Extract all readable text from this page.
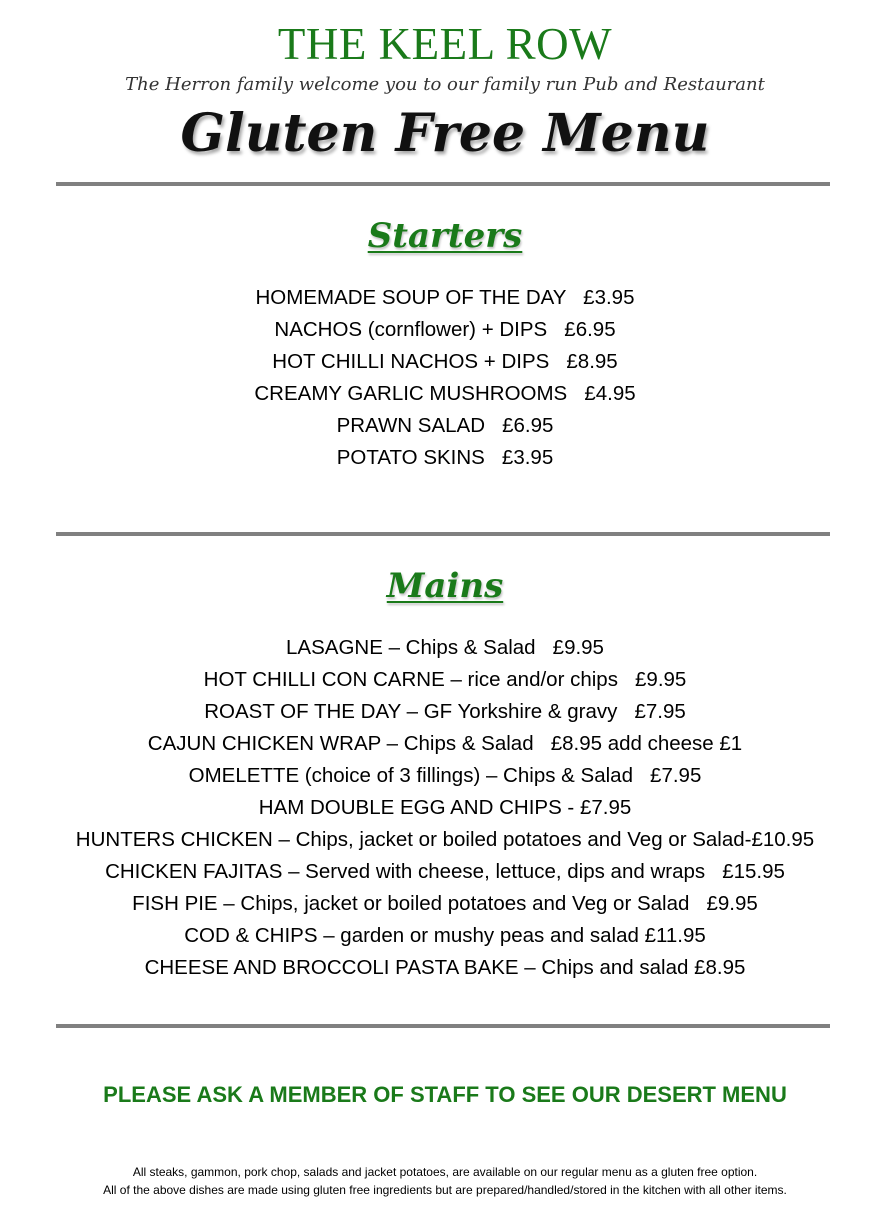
THE KEEL ROW
The Herron family welcome you to our family run Pub and Restaurant
Gluten Free Menu
Starters
HOMEMADE SOUP OF THE DAY   £3.95
NACHOS (cornflower) + DIPS   £6.95
HOT CHILLI NACHOS + DIPS   £8.95
CREAMY GARLIC MUSHROOMS   £4.95
PRAWN SALAD   £6.95
POTATO SKINS   £3.95
Mains
LASAGNE – Chips & Salad   £9.95
HOT CHILLI CON CARNE – rice and/or chips   £9.95
ROAST OF THE DAY – GF Yorkshire & gravy   £7.95
CAJUN CHICKEN WRAP – Chips & Salad   £8.95 add cheese £1
OMELETTE (choice of 3 fillings) – Chips & Salad   £7.95
HAM DOUBLE EGG AND CHIPS - £7.95
HUNTERS CHICKEN – Chips, jacket or boiled potatoes and Veg or Salad-£10.95
CHICKEN FAJITAS – Served with cheese, lettuce, dips and wraps   £15.95
FISH PIE – Chips, jacket or boiled potatoes and Veg or Salad   £9.95
COD & CHIPS – garden or mushy peas and salad £11.95
CHEESE AND BROCCOLI PASTA BAKE – Chips and salad £8.95
PLEASE ASK A MEMBER OF STAFF TO SEE OUR DESERT MENU
All steaks, gammon, pork chop, salads and jacket potatoes, are available on our regular menu as a gluten free option.
All of the above dishes are made using gluten free ingredients but are prepared/handled/stored in the kitchen with all other items.
